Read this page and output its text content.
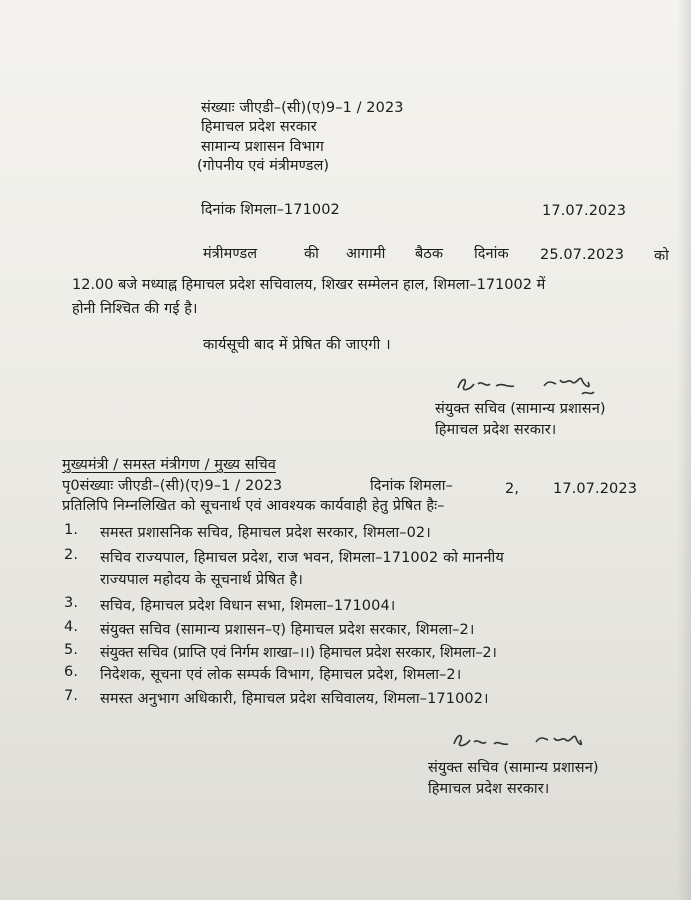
संख्याः जीएडी–(सी)(ए)9–1 / 2023
हिमाचल प्रदेश सरकार
सामान्य प्रशासन विभाग
(गोपनीय एवं मंत्रीमण्डल)
दिनांक शिमला–171002	17.07.2023
मंत्रीमण्डल	की आगामी बैठक दिनांक 25.07.2023 को
12.00 बजे मध्याह्न हिमाचल प्रदेश सचिवालय, शिखर सम्मेलन हाल, शिमला–171002 में
होनी निश्चित की गई है।
कार्यसूची बाद में प्रेषित की जाएगी ।
संयुक्त सचिव (सामान्य प्रशासन)
हिमाचल प्रदेश सरकार।
मुख्यमंत्री / समस्त मंत्रीगण / मुख्य सचिव
पृ0संख्याः जीएडी–(सी)(ए)9–1 / 2023	दिनांक शिमला–	2, 17.07.2023
प्रतिलिपि निम्नलिखित को सूचनार्थ एवं आवश्यक कार्यवाही हेतु प्रेषित हैः–
1. समस्त प्रशासनिक सचिव, हिमाचल प्रदेश सरकार, शिमला–02।
2. सचिव राज्यपाल, हिमाचल प्रदेश, राज भवन, शिमला–171002 को माननीय
राज्यपाल महोदय के सूचनार्थ प्रेषित है।
3. सचिव, हिमाचल प्रदेश विधान सभा, शिमला–171004।
4. संयुक्त सचिव (सामान्य प्रशासन–ए) हिमाचल प्रदेश सरकार, शिमला–2।
5. संयुक्त सचिव (प्राप्ति एवं निर्गम शाखा–।।) हिमाचल प्रदेश सरकार, शिमला–2।
6. निदेशक, सूचना एवं लोक सम्पर्क विभाग, हिमाचल प्रदेश, शिमला–2।
7. समस्त अनुभाग अधिकारी, हिमाचल प्रदेश सचिवालय, शिमला–171002।
संयुक्त सचिव (सामान्य प्रशासन)
हिमाचल प्रदेश सरकार।
